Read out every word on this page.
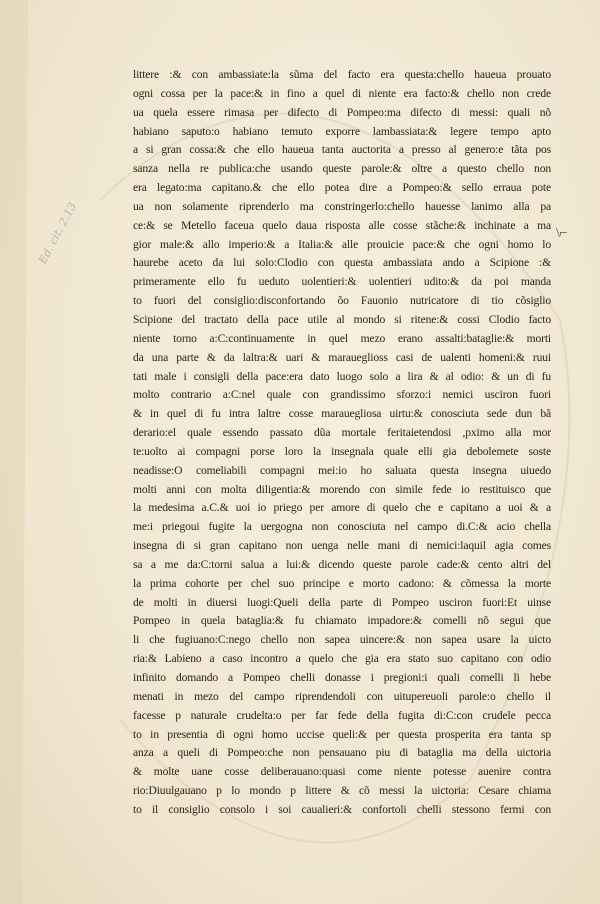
Ed. cit. 2.13	\ ⌐
littere :& con ambassiate:la sũma del facto era questa:chello haueua prouato
ogni cossa per la pace:& in fino a quel di niente era facto:& chello non crede
ua quela essere rimasa per difecto di Pompeo:ma difecto di messi: quali nõ
habiano saputo:o habiano temuto exporre lambassiata:& legere tempo apto
a si gran cossa:& che ello haueua tanta auctorita a presso al genero:e tãta pos
sanza nella re publica:che usando queste parole:& oltre a questo chello non
era legato:ma capitano.& che ello potea dire a Pompeo:& sello erraua pote
ua non solamente riprenderlo ma constringerlo:chello hauesse lanimo alla pa
ce:& se Metello faceua quelo daua risposta alle cosse stãche:& inchinate a ma
gior male:& allo imperio:& a Italia:& alle prouicie pace:& che ogni homo lo
haurebe aceto da lui solo:Clodio con questa ambassiata ando a Scipione :&
primeramente ello fu ueduto uolentieri:& uolentieri udito:& da poi manda
to fuori del consiglio:disconfortando õo Fauonio nutricatore di tio cõsiglio
Scipione del tractato della pace utile al mondo si ritene:& cossi Clodio facto
niente torno a:C:continuamente in quel mezo erano assalti:bataglie:& morti
da una parte & da laltra:& uari & maraueglioss casi de ualenti homeni:& ruui
tati male i consigli della pace:era dato luogo solo a lira & al odio: & un di fu
molto contrario a:C:nel quale con grandissimo sforzo:i nemici usciron fuori
& in quel di fu intra laltre cosse marauegliosa uirtu:& conosciuta sede dun bã
derario:el quale essendo passato dũa mortale feritaietendosi ,pximo alla mor
te:uolto ai compagni porse loro la insegnala quale elli gia debolemete soste
neadisse:O comeliabili compagni mei:io ho saluata questa insegna uiuedo
molti anni con molta diligentia:& morendo con simile fede io restituisco que
la medesima a.C.& uoi io priego per amore di quelo che e capitano a uoi & a
me:i priegoui fugite la uergogna non conosciuta nel campo di.C:& acio chella
insegna di si gran capitano non uenga nelle mani di nemici:laquil agia comes
sa a me da:C:torni salua a lui:& dicendo queste parole cade:& cento altri del
la prima cohorte per chel suo principe e morto cadono: & cõmessa la morte
de molti in diuersi luogi:Queli della parte di Pompeo usciron fuori:Et uinse
Pompeo in quela bataglia:& fu chiamato impadore:& comelli nõ segui que
li che fugiuano:C:nego chello non sapea uincere:& non sapea usare la uicto
ria:& Labieno a caso incontro a quelo che gia era stato suo capitano con odio
infinito domando a Pompeo chelli donasse i pregioni:i quali comelli li hebe
menati in mezo del campo riprendendoli con uitupereuoli parole:o chello il
facesse p naturale crudelta:o per far fede della fugita di:C:con crudele pecca
to in presentia di ogni homo uccise queli:& per questa prosperita era tanta sp
anza a queli di Pompeo:che non pensauano piu di bataglia ma della uictoria
& molte uane cosse deliberauano:quasi come niente potesse auenire contra
rio:Diuulgauano p lo mondo p littere & cõ messi la uictoria: Cesare chiama
to il consiglio consolo i soi caualieri:& confortoli chelli stessono fermi con
